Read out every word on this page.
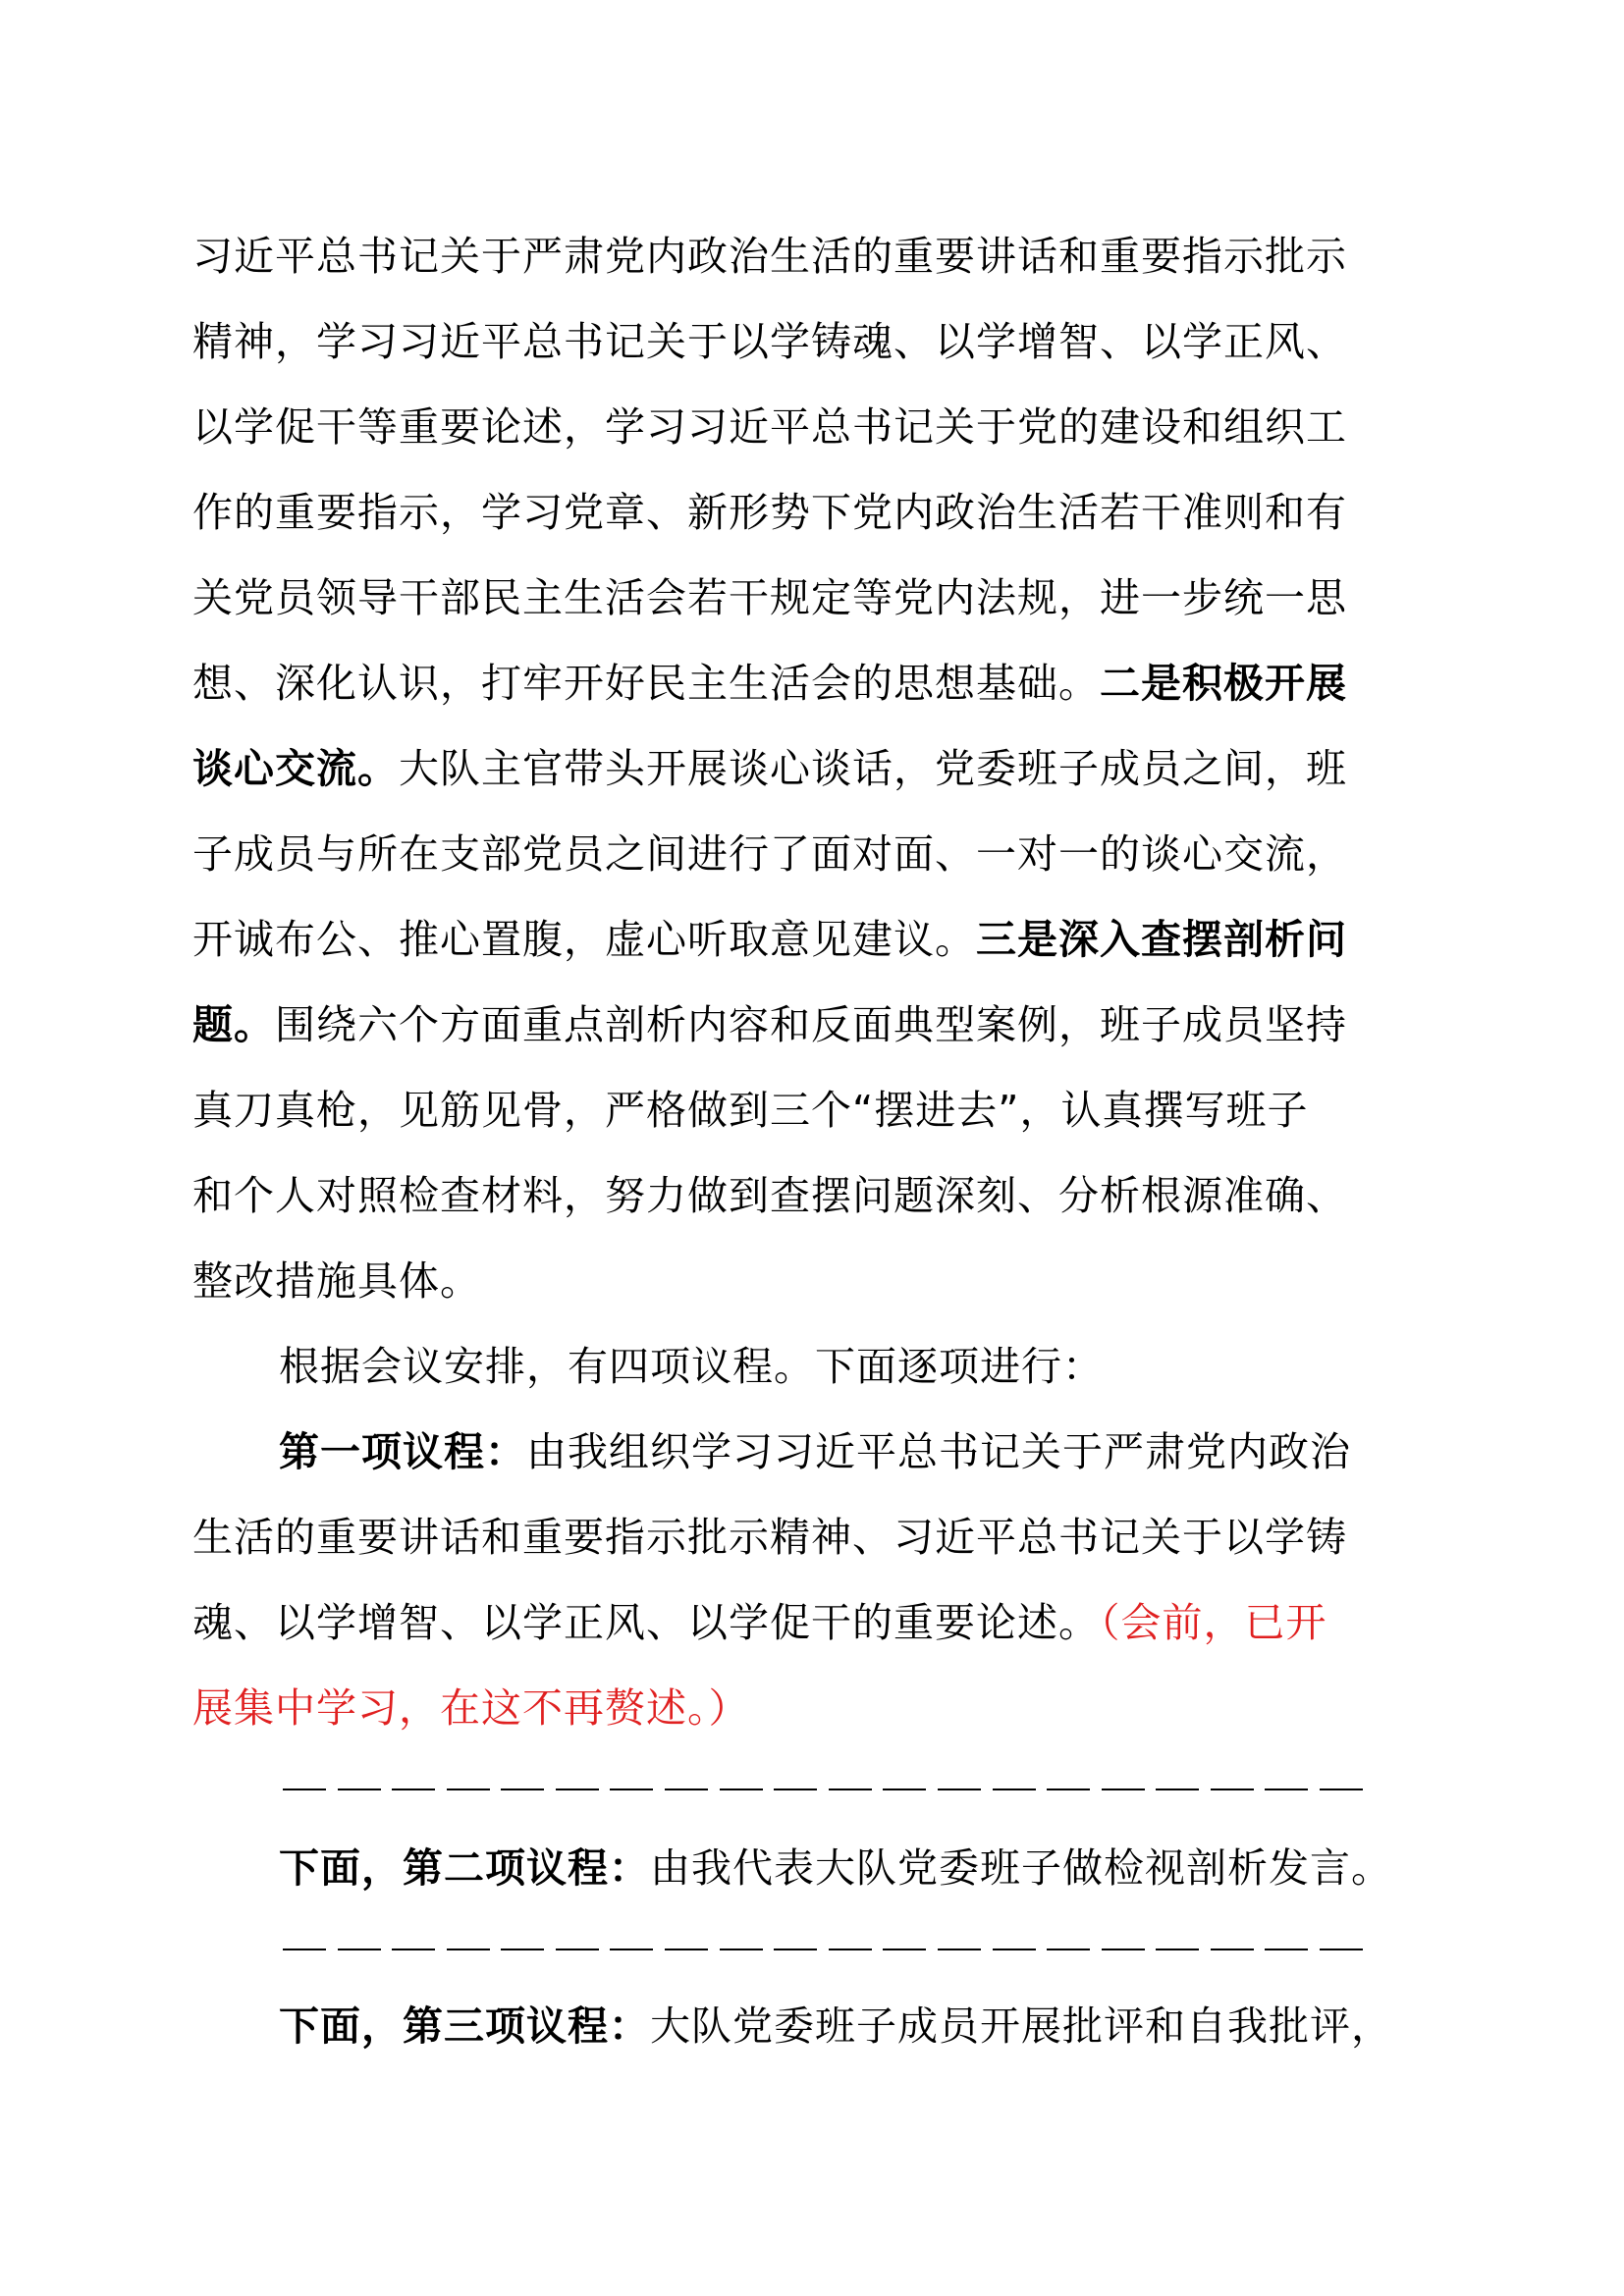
习近平总书记关于严肃党内政治生活的重要讲话和重要指示批示
精神，学习习近平总书记关于以学铸魂、以学增智、以学正风、
以学促干等重要论述，学习习近平总书记关于党的建设和组织工
作的重要指示，学习党章、新形势下党内政治生活若干准则和有
关党员领导干部民主生活会若干规定等党内法规，进一步统一思
想、深化认识，打牢开好民主生活会的思想基础。二是积极开展
谈心交流。大队主官带头开展谈心谈话，党委班子成员之间，班
子成员与所在支部党员之间进行了面对面、一对一的谈心交流，
开诚布公、推心置腹，虚心听取意见建议。三是深入查摆剖析问
题。围绕六个方面重点剖析内容和反面典型案例，班子成员坚持
真刀真枪，见筋见骨，严格做到三个“摆进去”，认真撰写班子
和个人对照检查材料，努力做到查摆问题深刻、分析根源准确、
整改措施具体。
根据会议安排，有四项议程。下面逐项进行：
第一项议程：由我组织学习习近平总书记关于严肃党内政治
生活的重要讲话和重要指示批示精神、习近平总书记关于以学铸
魂、以学增智、以学正风、以学促干的重要论述。（会前，已开
展集中学习，在这不再赘述。）
下面，第二项议程：由我代表大队党委班子做检视剖析发言。
下面，第三项议程：大队党委班子成员开展批评和自我批评，
